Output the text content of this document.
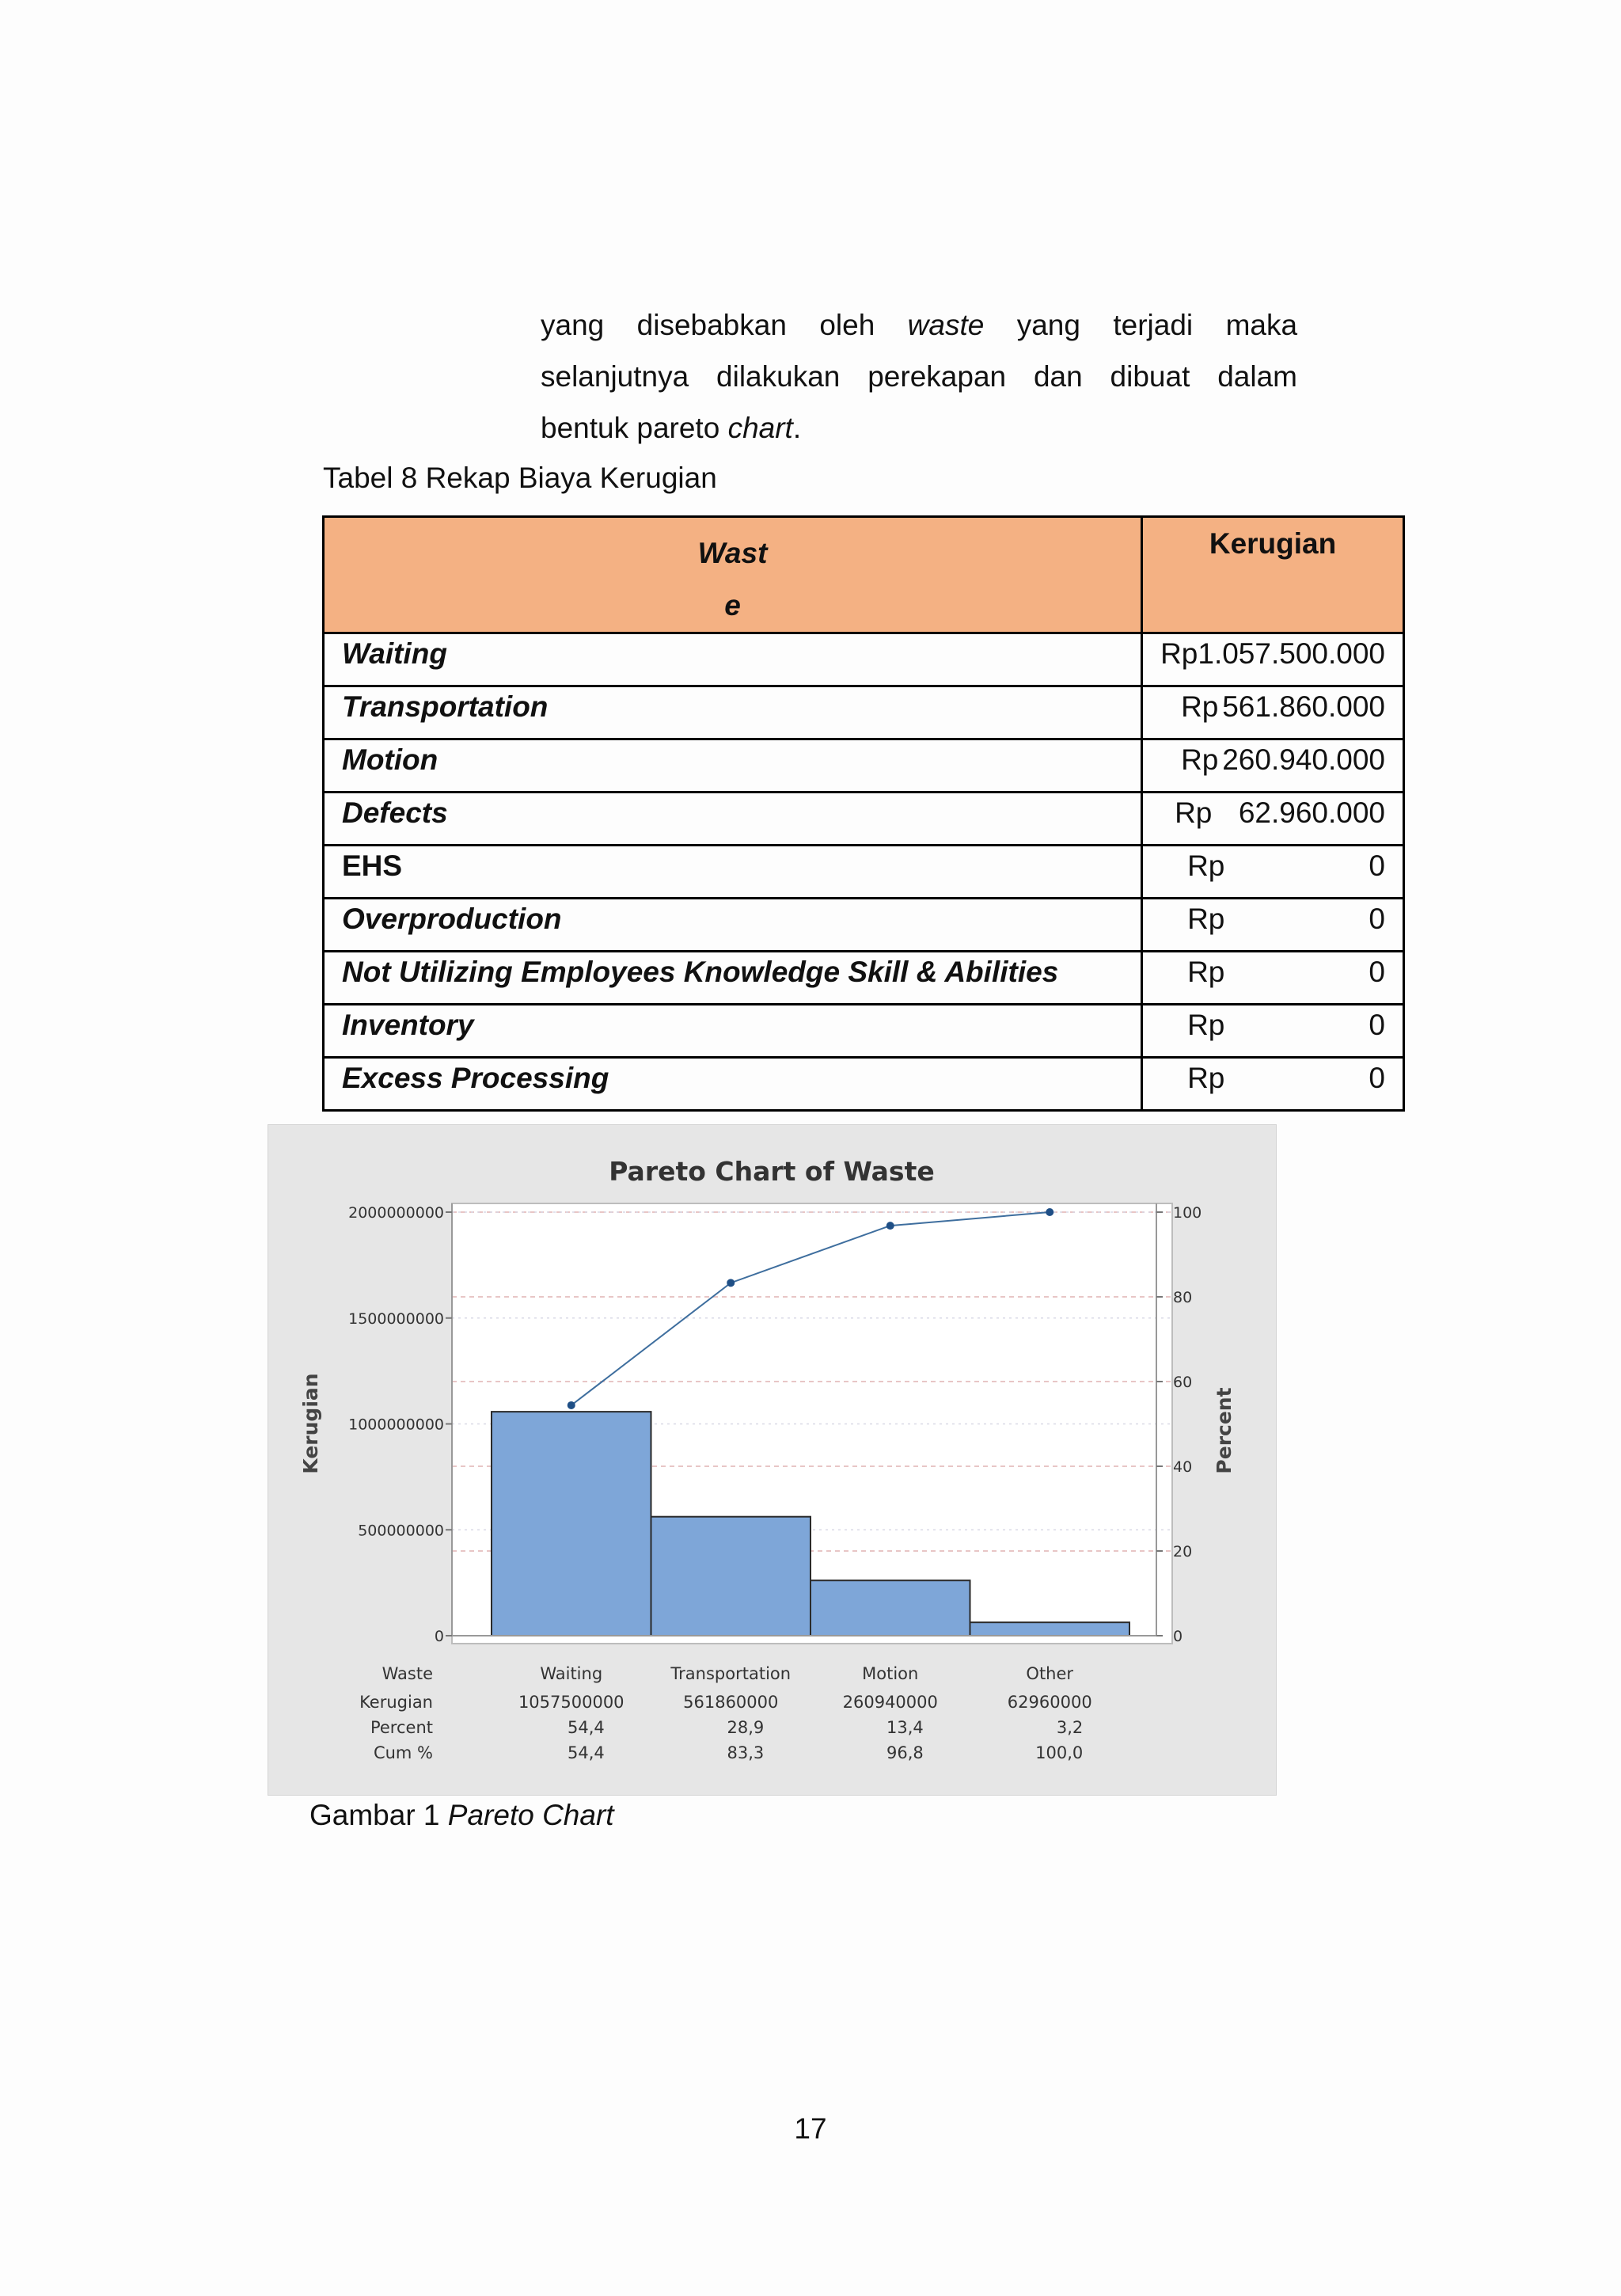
yang disebabkan oleh waste yang terjadi maka
selanjutnya dilakukan perekapan dan dibuat dalam
bentuk pareto chart.
Tabel 8 Rekap Biaya Kerugian
Wast
e	Kerugian
Waiting	Rp 1.057.500.000

Transportation	Rp 561.860.000

Motion	Rp 260.940.000

Defects	Rp 62.960.000

EHS	Rp 0

Overproduction	Rp 0

Not Utilizing Employees Knowledge Skill & Abilities	Rp 0

Inventory	Rp 0

Excess Processing	Rp 0
Pareto Chart of Waste
0
500000000
1000000000
1500000000
2000000000
0
20
40
60
80
100
Kerugian	Percent
Waste	Waiting	Transportation	Motion	Other
Kerugian	1057500000	561860000	260940000	62960000
Percent	54,4	28,9	13,4	3,2
Cum %	54,4	83,3	96,8	100,0
Gambar 1 Pareto Chart
17
